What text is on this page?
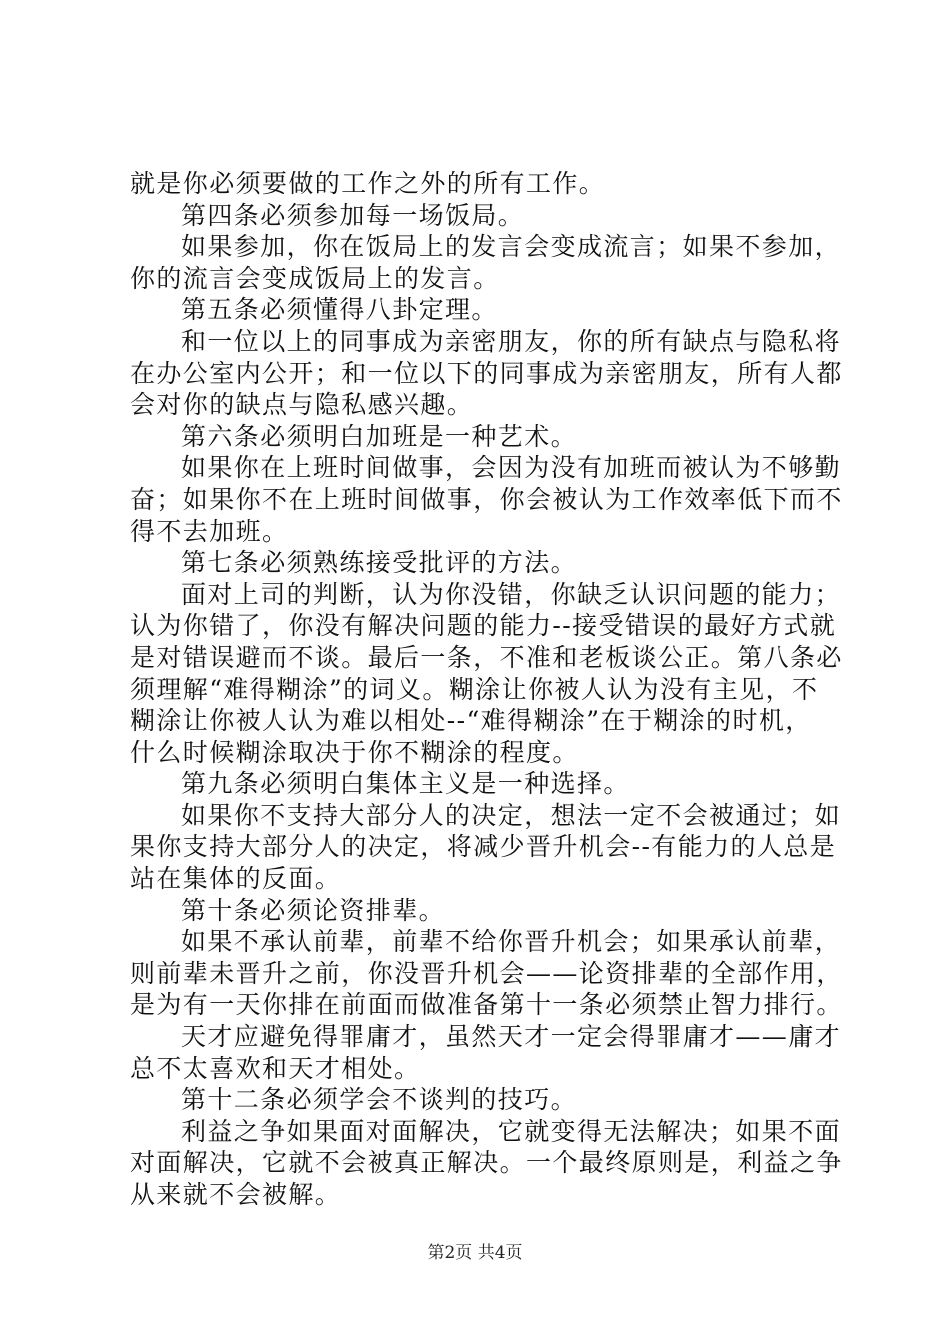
就是你必须要做的工作之外的所有工作。
第四条必须参加每一场饭局。
如果参加，你在饭局上的发言会变成流言；如果不参加，
你的流言会变成饭局上的发言。
第五条必须懂得八卦定理。
和一位以上的同事成为亲密朋友，你的所有缺点与隐私将
在办公室内公开；和一位以下的同事成为亲密朋友，所有人都
会对你的缺点与隐私感兴趣。
第六条必须明白加班是一种艺术。
如果你在上班时间做事，会因为没有加班而被认为不够勤
奋；如果你不在上班时间做事，你会被认为工作效率低下而不
得不去加班。
第七条必须熟练接受批评的方法。
面对上司的判断，认为你没错，你缺乏认识问题的能力；
认为你错了，你没有解决问题的能力--接受错误的最好方式就
是对错误避而不谈。最后一条，不准和老板谈公正。第八条必
须理解“难得糊涂”的词义。糊涂让你被人认为没有主见，不
糊涂让你被人认为难以相处--“难得糊涂”在于糊涂的时机，
什么时候糊涂取决于你不糊涂的程度。
第九条必须明白集体主义是一种选择。
如果你不支持大部分人的决定，想法一定不会被通过；如
果你支持大部分人的决定，将减少晋升机会--有能力的人总是
站在集体的反面。
第十条必须论资排辈。
如果不承认前辈，前辈不给你晋升机会；如果承认前辈，
则前辈未晋升之前，你没晋升机会——论资排辈的全部作用，
是为有一天你排在前面而做准备第十一条必须禁止智力排行。
天才应避免得罪庸才，虽然天才一定会得罪庸才——庸才
总不太喜欢和天才相处。
第十二条必须学会不谈判的技巧。
利益之争如果面对面解决，它就变得无法解决；如果不面
对面解决，它就不会被真正解决。一个最终原则是，利益之争
从来就不会被解。
第2页 共4页
